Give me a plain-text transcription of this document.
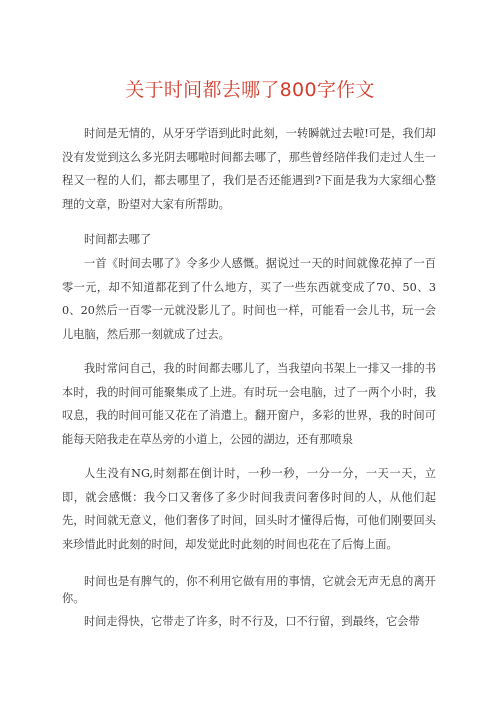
关于时间都去哪了800字作文

时间是无情的，从牙牙学语到此时此刻，一转瞬就过去啦!可是，我们却没有发觉到这么多光阴去哪啦时间都去哪了，那些曾经陪伴我们走过人生一程又一程的人们，都去哪里了，我们是否还能遇到?下面是我为大家细心整理的文章，盼望对大家有所帮助。

时间都去哪了

一首《时间去哪了》令多少人感慨。据说过一天的时间就像花掉了一百零一元，却不知道都花到了什么地方，买了一些东西就变成了70、50、30、20然后一百零一元就没影儿了。时间也一样，可能看一会儿书，玩一会儿电脑，然后那一刻就成了过去。

我时常问自己，我的时间都去哪儿了，当我望向书架上一排又一排的书本时，我的时间可能聚集成了上进。有时玩一会电脑，过了一两个小时，我叹息，我的时间可能又花在了消遣上。翻开窗户，多彩的世界，我的时间可能每天陪我走在草丛旁的小道上，公园的湖边，还有那喷泉

人生没有NG,时刻都在倒计时，一秒一秒，一分一分，一天一天，立即，就会感慨：我今口又奢侈了多少时间我责问奢侈时间的人，从他们起先，时间就无意义，他们奢侈了时间，回头时才懂得后悔，可他们刚要回头来珍惜此时此刻的时间，却发觉此时此刻的时间也花在了后悔上面。

时间也是有脾气的，你不利用它做有用的事情，它就会无声无息的离开你。

时间走得快，它带走了许多，时不行及，口不行留，到最终，它会带
